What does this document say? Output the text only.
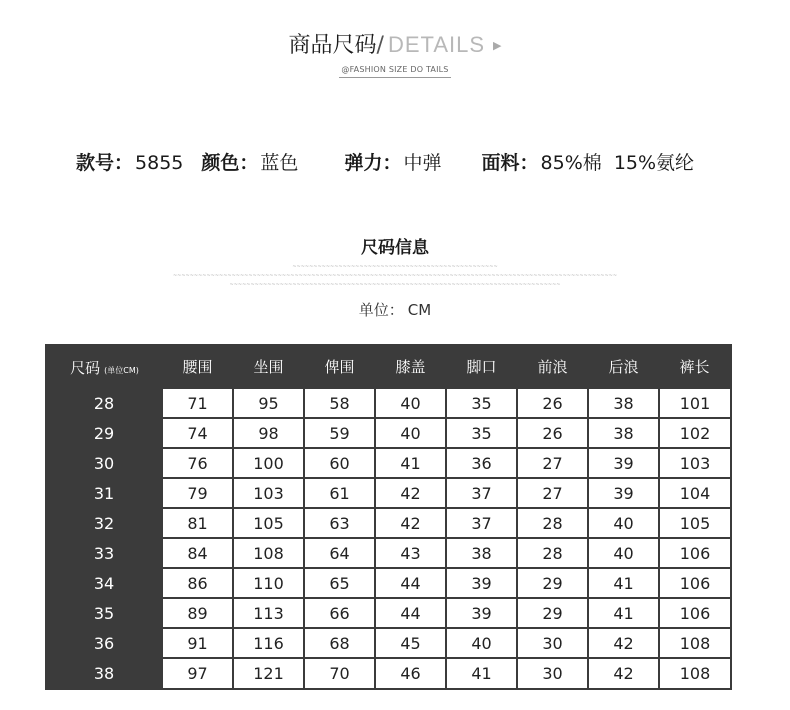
商品尺码 / DETAILS ▶
@FASHION SIZE DO TAILS
款号 ： 5855 颜色 ： 蓝色 弹力 ： 中弹 面料 ： 85%棉  15%氨纶
尺码信息
~~~~~~~~~~~~~~~~~~~~~~~~~~~~~~~~~~~~~~~~~~~~~~~~~
~~~~~~~~~~~~~~~~~~~~~~~~~~~~~~~~~~~~~~~~~~~~~~~~~~~~~~~~~~~~~~~~~~~~~~~~~~~~~~~~~~~~~~~~~~~~~~~~~~~~~~~~~~
~~~~~~~~~~~~~~~~~~~~~~~~~~~~~~~~~~~~~~~~~~~~~~~~~~~~~~~~~~~~~~~~~~~~~~~~~~~~~~~
单位： CM
尺码 (单位CM)	腰围	坐围	俾围	膝盖	脚口	前浪	后浪	裤长
28	71	95	58	40	35	26	38	101
29	74	98	59	40	35	26	38	102
30	76	100	60	41	36	27	39	103
31	79	103	61	42	37	27	39	104
32	81	105	63	42	37	28	40	105
33	84	108	64	43	38	28	40	106
34	86	110	65	44	39	29	41	106
35	89	113	66	44	39	29	41	106
36	91	116	68	45	40	30	42	108
38	97	121	70	46	41	30	42	108
